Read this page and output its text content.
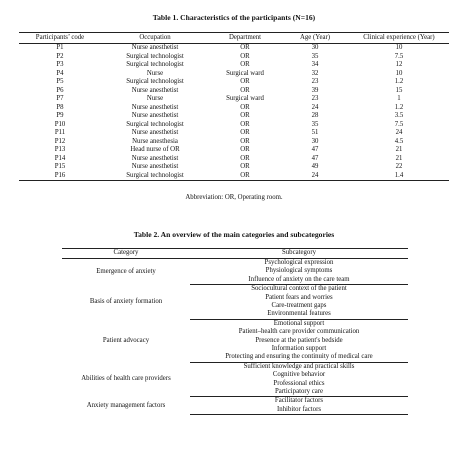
Table 1. Characteristics of the participants (N=16)
Participants’ code	Occupation	Department	Age (Year)	Clinical experience (Year)
P1	Nurse anesthetist	OR	30	10
P2	Surgical technologist	OR	35	7.5
P3	Surgical technologist	OR	34	12
P4	Nurse	Surgical ward	32	10
P5	Surgical technologist	OR	23	1.2
P6	Nurse anesthetist	OR	39	15
P7	Nurse	Surgical ward	23	1
P8	Nurse anesthetist	OR	24	1.2
P9	Nurse anesthetist	OR	28	3.5
P10	Surgical technologist	OR	35	7.5
P11	Nurse anesthetist	OR	51	24
P12	Nurse anesthesia	OR	30	4.5
P13	Head nurse of OR	OR	47	21
P14	Nurse anesthetist	OR	47	21
P15	Nurse anesthetist	OR	49	22
P16	Surgical technologist	OR	24	1.4
Abbreviation: OR, Operating room.
Table 2. An overview of the main categories and subcategories
Category	Subcategory
Emergence of anxiety	Psychological expression
	Physiological symptoms
	Influence of anxiety on the care team
Basis of anxiety formation	Sociocultural context of the patient
	Patient fears and worries
	Care-treatment gaps
	Environmental features
Patient advocacy	Emotional support
	Patient–health care provider communication
	Presence at the patient's bedside
	Information support
	Protecting and ensuring the continuity of medical care
Abilities of health care providers	Sufficient knowledge and practical skills
	Cognitive behavior
	Professional ethics
	Participatory care
Anxiety management factors	Facilitator factors
	Inhibitor factors
